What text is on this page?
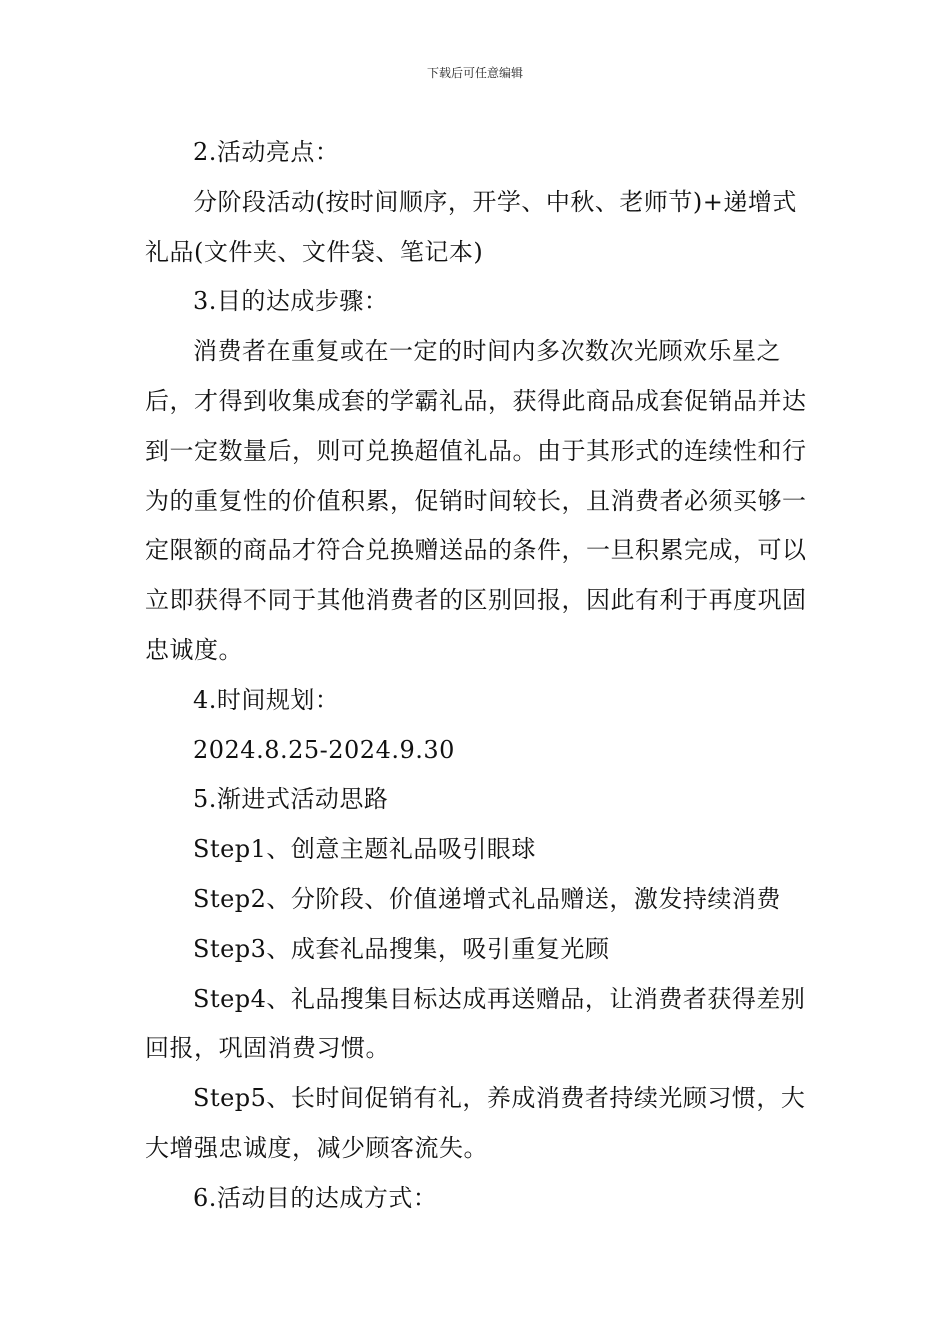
下载后可任意编辑

2.活动亮点：

分阶段活动(按时间顺序，开学、中秋、老师节)+递增式礼品(文件夹、文件袋、笔记本)

3.目的达成步骤：

消费者在重复或在一定的时间内多次数次光顾欢乐星之后，才得到收集成套的学霸礼品，获得此商品成套促销品并达到一定数量后，则可兑换超值礼品。由于其形式的连续性和行为的重复性的价值积累，促销时间较长，且消费者必须买够一定限额的商品才符合兑换赠送品的条件，一旦积累完成，可以立即获得不同于其他消费者的区别回报，因此有利于再度巩固忠诚度。

4.时间规划：

2024.8.25-2024.9.30

5.渐进式活动思路

Step1、创意主题礼品吸引眼球

Step2、分阶段、价值递增式礼品赠送，激发持续消费

Step3、成套礼品搜集，吸引重复光顾

Step4、礼品搜集目标达成再送赠品，让消费者获得差别回报，巩固消费习惯。

Step5、长时间促销有礼，养成消费者持续光顾习惯，大大增强忠诚度，减少顾客流失。

6.活动目的达成方式：
